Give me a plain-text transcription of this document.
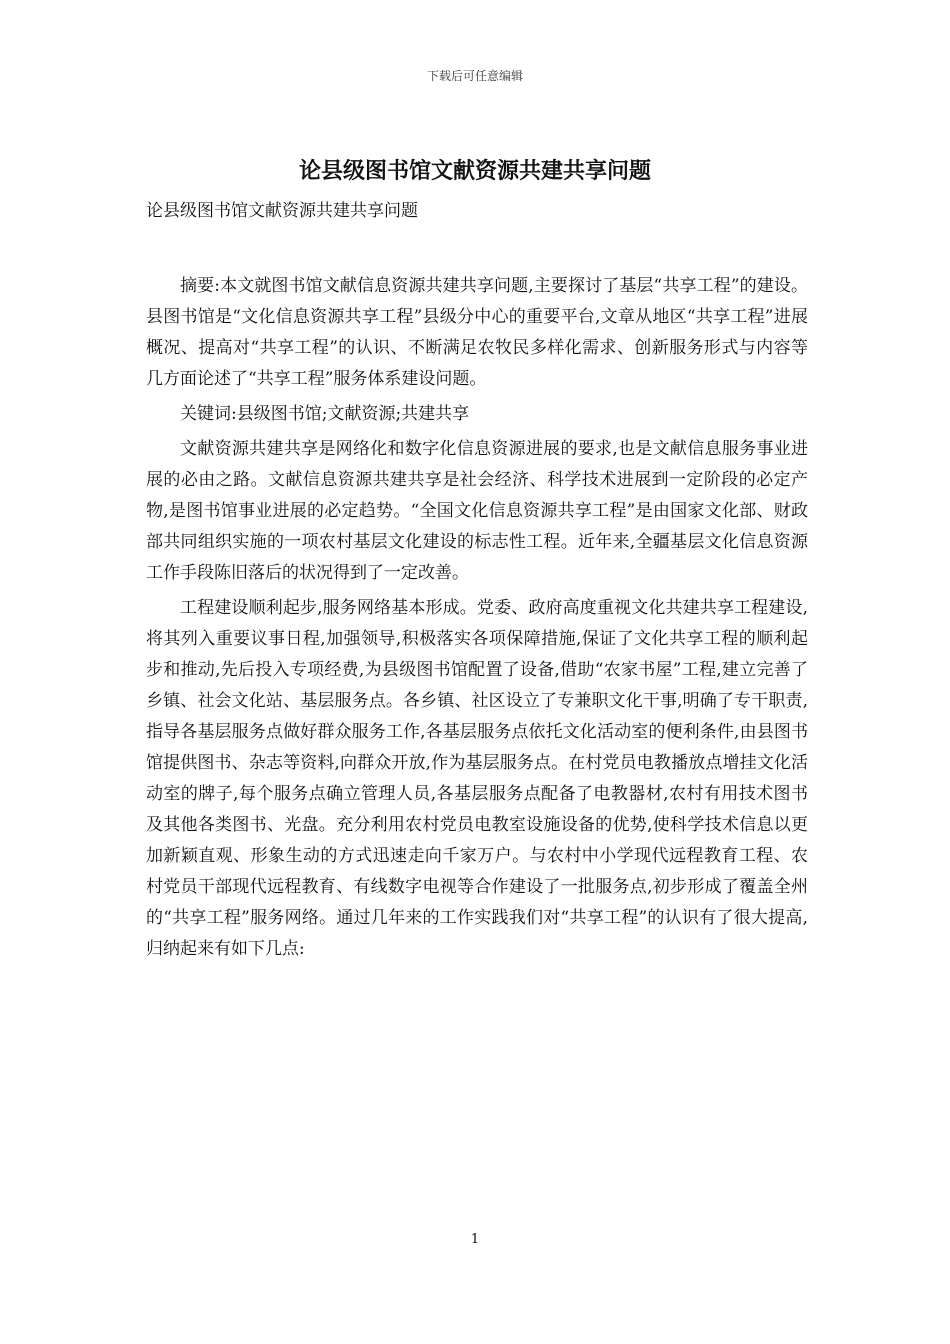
下载后可任意编辑
论县级图书馆文献资源共建共享问题

论县级图书馆文献资源共建共享问题

摘要:本文就图书馆文献信息资源共建共享问题,主要探讨了基层“共享工程”的建设。县图书馆是“文化信息资源共享工程”县级分中心的重要平台,文章从地区“共享工程”进展概况、提高对“共享工程”的认识、不断满足农牧民多样化需求、创新服务形式与内容等几方面论述了“共享工程”服务体系建设问题。

关键词:县级图书馆;文献资源;共建共享

文献资源共建共享是网络化和数字化信息资源进展的要求,也是文献信息服务事业进展的必由之路。文献信息资源共建共享是社会经济、科学技术进展到一定阶段的必定产物,是图书馆事业进展的必定趋势。“全国文化信息资源共享工程”是由国家文化部、财政部共同组织实施的一项农村基层文化建设的标志性工程。近年来,全疆基层文化信息资源工作手段陈旧落后的状况得到了一定改善。

工程建设顺利起步,服务网络基本形成。党委、政府高度重视文化共建共享工程建设,将其列入重要议事日程,加强领导,积极落实各项保障措施,保证了文化共享工程的顺利起步和推动,先后投入专项经费,为县级图书馆配置了设备,借助“农家书屋”工程,建立完善了乡镇、社会文化站、基层服务点。各乡镇、社区设立了专兼职文化干事,明确了专干职责,指导各基层服务点做好群众服务工作,各基层服务点依托文化活动室的便利条件,由县图书馆提供图书、杂志等资料,向群众开放,作为基层服务点。在村党员电教播放点增挂文化活动室的牌子,每个服务点确立管理人员,各基层服务点配备了电教器材,农村有用技术图书及其他各类图书、光盘。充分利用农村党员电教室设施设备的优势,使科学技术信息以更加新颖直观、形象生动的方式迅速走向千家万户。与农村中小学现代远程教育工程、农村党员干部现代远程教育、有线数字电视等合作建设了一批服务点,初步形成了覆盖全州的“共享工程”服务网络。通过几年来的工作实践我们对“共享工程”的认识有了很大提高,归纳起来有如下几点:

1
